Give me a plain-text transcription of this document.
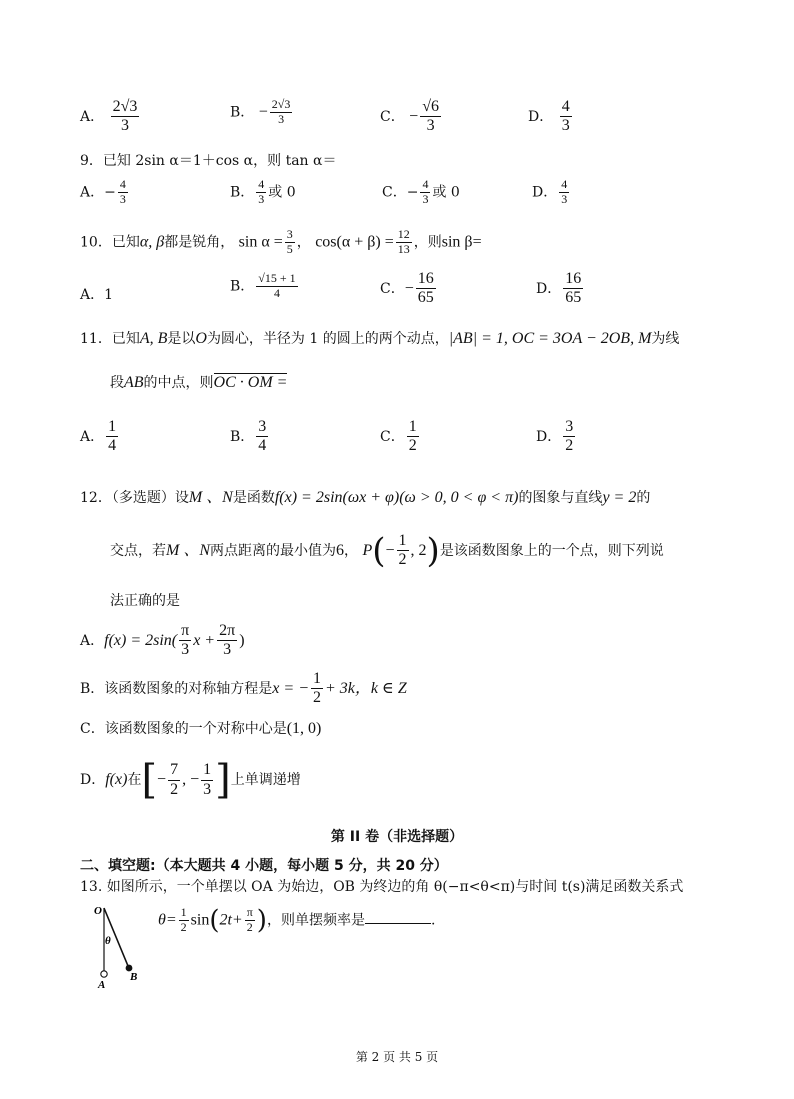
A． $\frac{2√3}{3}$	B． − $\frac{2√3}{3}$	C． − $\frac{√6}{3}$	D． $\frac{4}{3}$
9．已知 2sin α＝1＋cos α，则 tan α＝
A．− $\frac{4}{3}$	B． $\frac{4}{3}$ 或 0	C．− $\frac{4}{3}$ 或 0	D． $\frac{4}{3}$
10．已知α, β都是锐角， $\sin \alpha = \frac{3}{5}$ ， $\cos(\alpha + \beta) = \frac{12}{13}$ ，则sin β=
A．1
B． $\frac{√15 + 1}{4}$	C．− $\frac{16}{65}$	D． $\frac{16}{65}$
11．已知A, B是以O为圆心，半径为 1 的圆上的两个动点，|AB| = 1, OC = 3OA − 2OB, M为线
段AB的中点，则OC · OM =
A． $\frac{1}{4}$	B． $\frac{3}{4}$	C． $\frac{1}{2}$	D． $\frac{3}{2}$
12．（多选题）设M 、N是函数f(x) = 2sin(ωx + φ)(ω > 0, 0 < φ < π)的图象与直线y = 2的
交点，若M 、N两点距离的最小值为6， $P(- \frac{1}{2}$ , 2)是该函数图象上的一个点，则下列说
法正确的是
A．$f(x) = 2\sin( \frac{\pi}{3}$ $x + \frac{2\pi}{3}$ )
B．该函数图象的对称轴方程是x = − $\frac{1}{2} + 3k$，k ∈ Z
C．该函数图象的一个对称中心是(1, 0)
D．f(x)在[− $\frac{7}{2}$ , − $\frac{1}{3}$ ]上单调递增
第 II 卷（非选择题）
二、填空题:（本大题共 4 小题，每小题 5 分，共 20 分）
13. 如图所示，一个单摆以 OA 为始边，OB 为终边的角 θ(−π<θ<π)与时间 t(s)满足函数关系式
$\theta= \frac{1}{2} \sin(2t+ \frac{\pi}{2}$ )，则单摆频率是	.
O
θ
A
B
第 2 页 共 5 页
